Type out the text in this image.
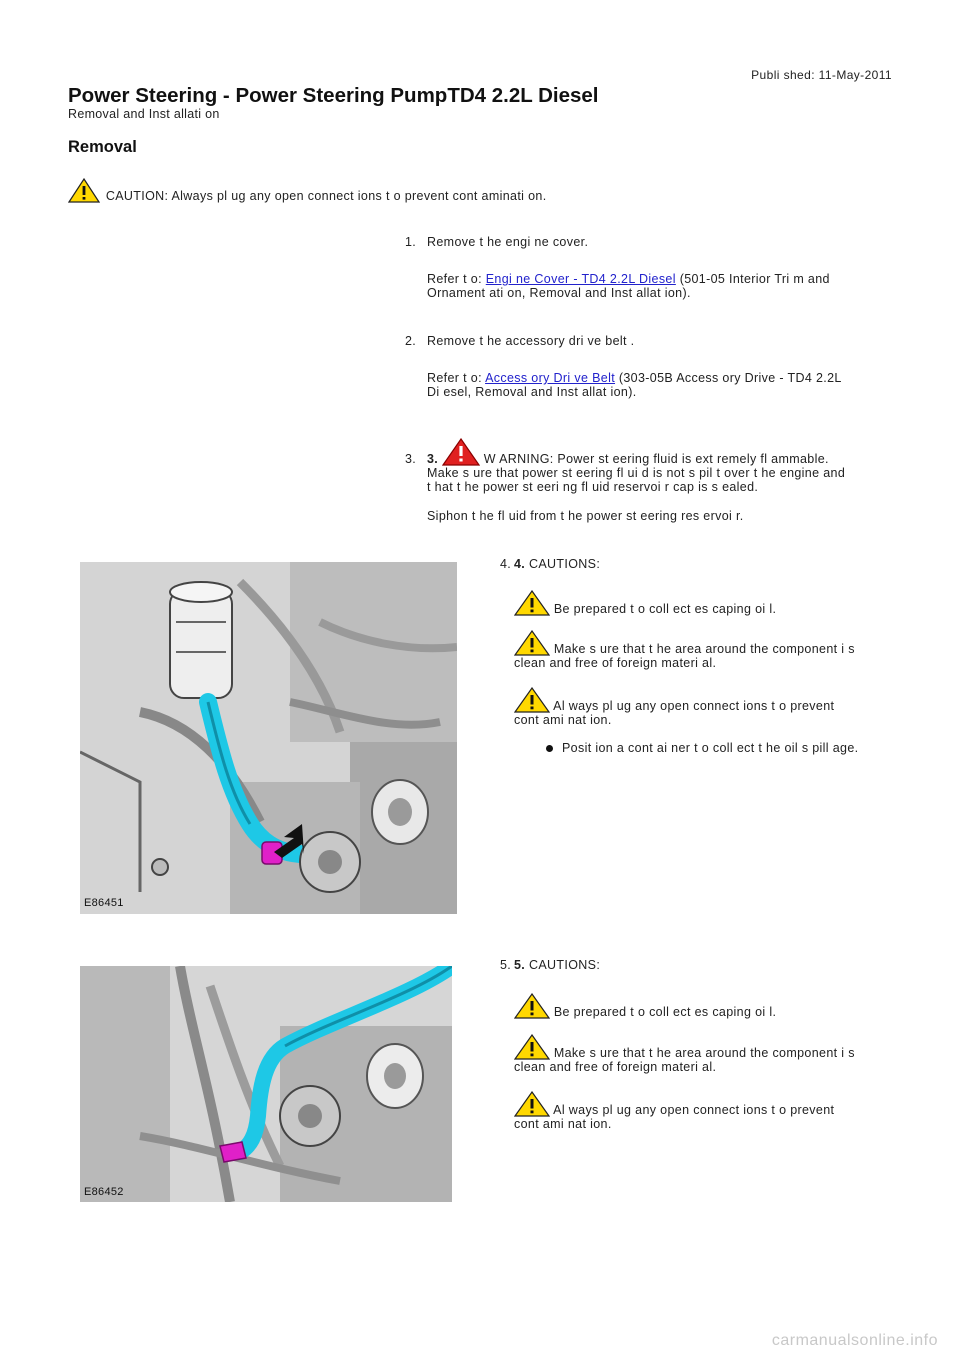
Publi shed: 11-May-2011
Power Steering - Power Steering PumpTD4 2.2L Diesel
Removal and Inst allati on
Removal
CAUTION: Always pl ug any open connect ions t o prevent cont aminati on.
1. Remove t he engi ne cover.
Refer t o: Engi ne Cover - TD4 2.2L Diesel (501-05 Interior Tri m and
Ornament ati on, Removal and Inst allat ion).
2. Remove t he accessory dri ve belt .
Refer t o: Access ory Dri ve Belt (303-05B Access ory Drive - TD4 2.2L
Di esel, Removal and Inst allat ion).
3. 3.	W ARNING: Power st eering fluid is ext remely fl ammable.
Make s ure that power st eering fl ui d is not s pil t over t he engine and
t hat t he power st eeri ng fl uid reservoi r cap is s ealed.
Siphon t he fl uid from t he power st eering res ervoi r.
E86451
4. 4. CAUTIONS:
Be prepared t o coll ect es caping oi l.
Make s ure that t he area around the component i s
clean and free of foreign materi al.
Al ways pl ug any open connect ions t o prevent
cont ami nat ion.
Posit ion a cont ai ner t o coll ect t he oil s pill age.
E86452
5. 5. CAUTIONS:
Be prepared t o coll ect es caping oi l.
Make s ure that t he area around the component i s
clean and free of foreign materi al.
Al ways pl ug any open connect ions t o prevent
cont ami nat ion.
carmanualsonline.info
